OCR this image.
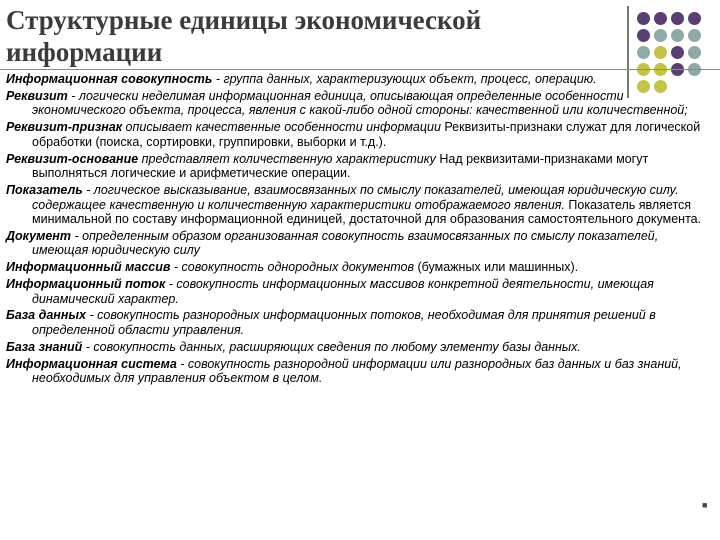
Структурные единицы экономической информации

Информационная совокупность - группа данных, характеризующих объект, процесс, операцию.

Реквизит - логически неделимая информационная единица, описывающая определенные особенности экономического объекта, процесса, явления с какой-либо одной стороны: качественной или количественной;

Реквизит-признак описывает качественные особенности информации Реквизиты-признаки служат для логической обработки (поиска, сортировки, группировки, выборки и т.д.).

Реквизит-основание представляет количественную характеристику Над реквизитами-признаками могут выполняться логические и арифметические операции.

Показатель - логическое высказывание, взаимосвязанных по смыслу показателей, имеющая юридическую силу. содержащее качественную и количественную характеристики отображаемого явления. Показатель является минимальной по составу информационной единицей, достаточной для образования самостоятельного документа.

Документ - определенным образом организованная совокупность взаимосвязанных по смыслу показателей, имеющая юридическую силу

Информационный массив - совокупность однородных документов (бумажных или машинных).

Информационный поток - совокупность информационных массивов конкретной деятельности, имеющая динамический характер.

База данных - совокупность разнородных информационных потоков, необходимая для принятия решений в определенной области управления.

База знаний - совокупность данных, расширяющих сведения по любому элементу базы данных.

Информационная система - совокупность разнородной информации или разнородных баз данных и баз знаний, необходимых для управления объектом в целом.

■
